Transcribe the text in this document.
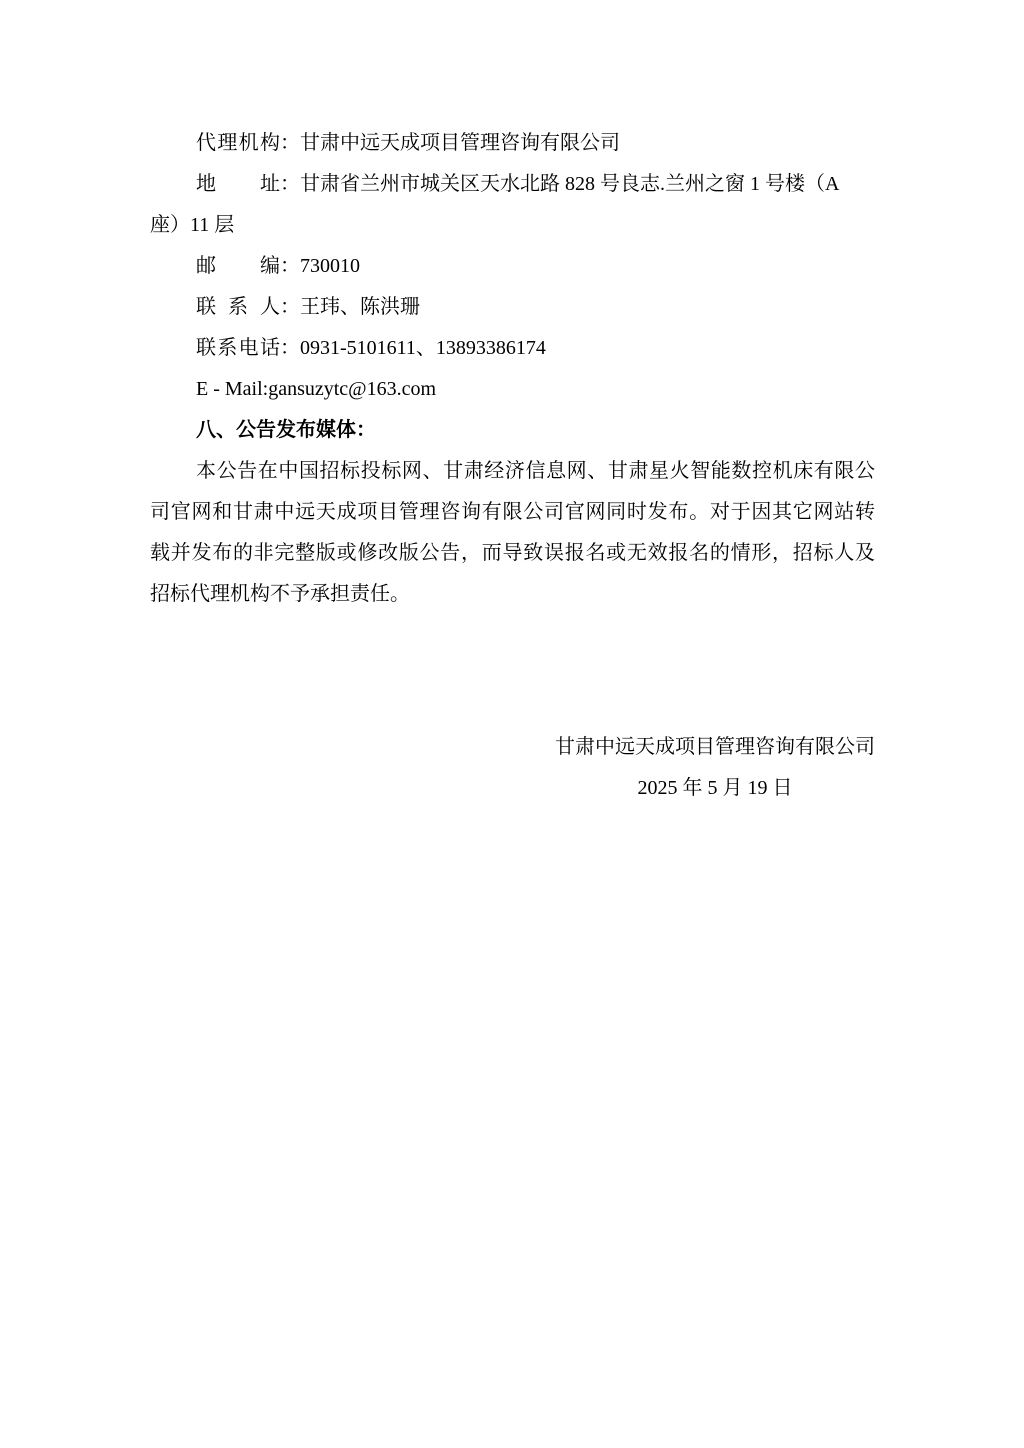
代理机构：甘肃中远天成项目管理咨询有限公司
地址：甘肃省兰州市城关区天水北路 828 号良志.兰州之窗 1 号楼（A
座）11 层
邮编：730010
联系人：王玮、陈洪珊
联系电话：0931-5101611、13893386174
E - Mail:gansuzytc@163.com
八、公告发布媒体：
本公告在中国招标投标网、甘肃经济信息网、甘肃星火智能数控机床有限公
司官网和甘肃中远天成项目管理咨询有限公司官网同时发布。对于因其它网站转
载并发布的非完整版或修改版公告，而导致误报名或无效报名的情形，招标人及
招标代理机构不予承担责任。
甘肃中远天成项目管理咨询有限公司
2025 年 5 月 19 日
